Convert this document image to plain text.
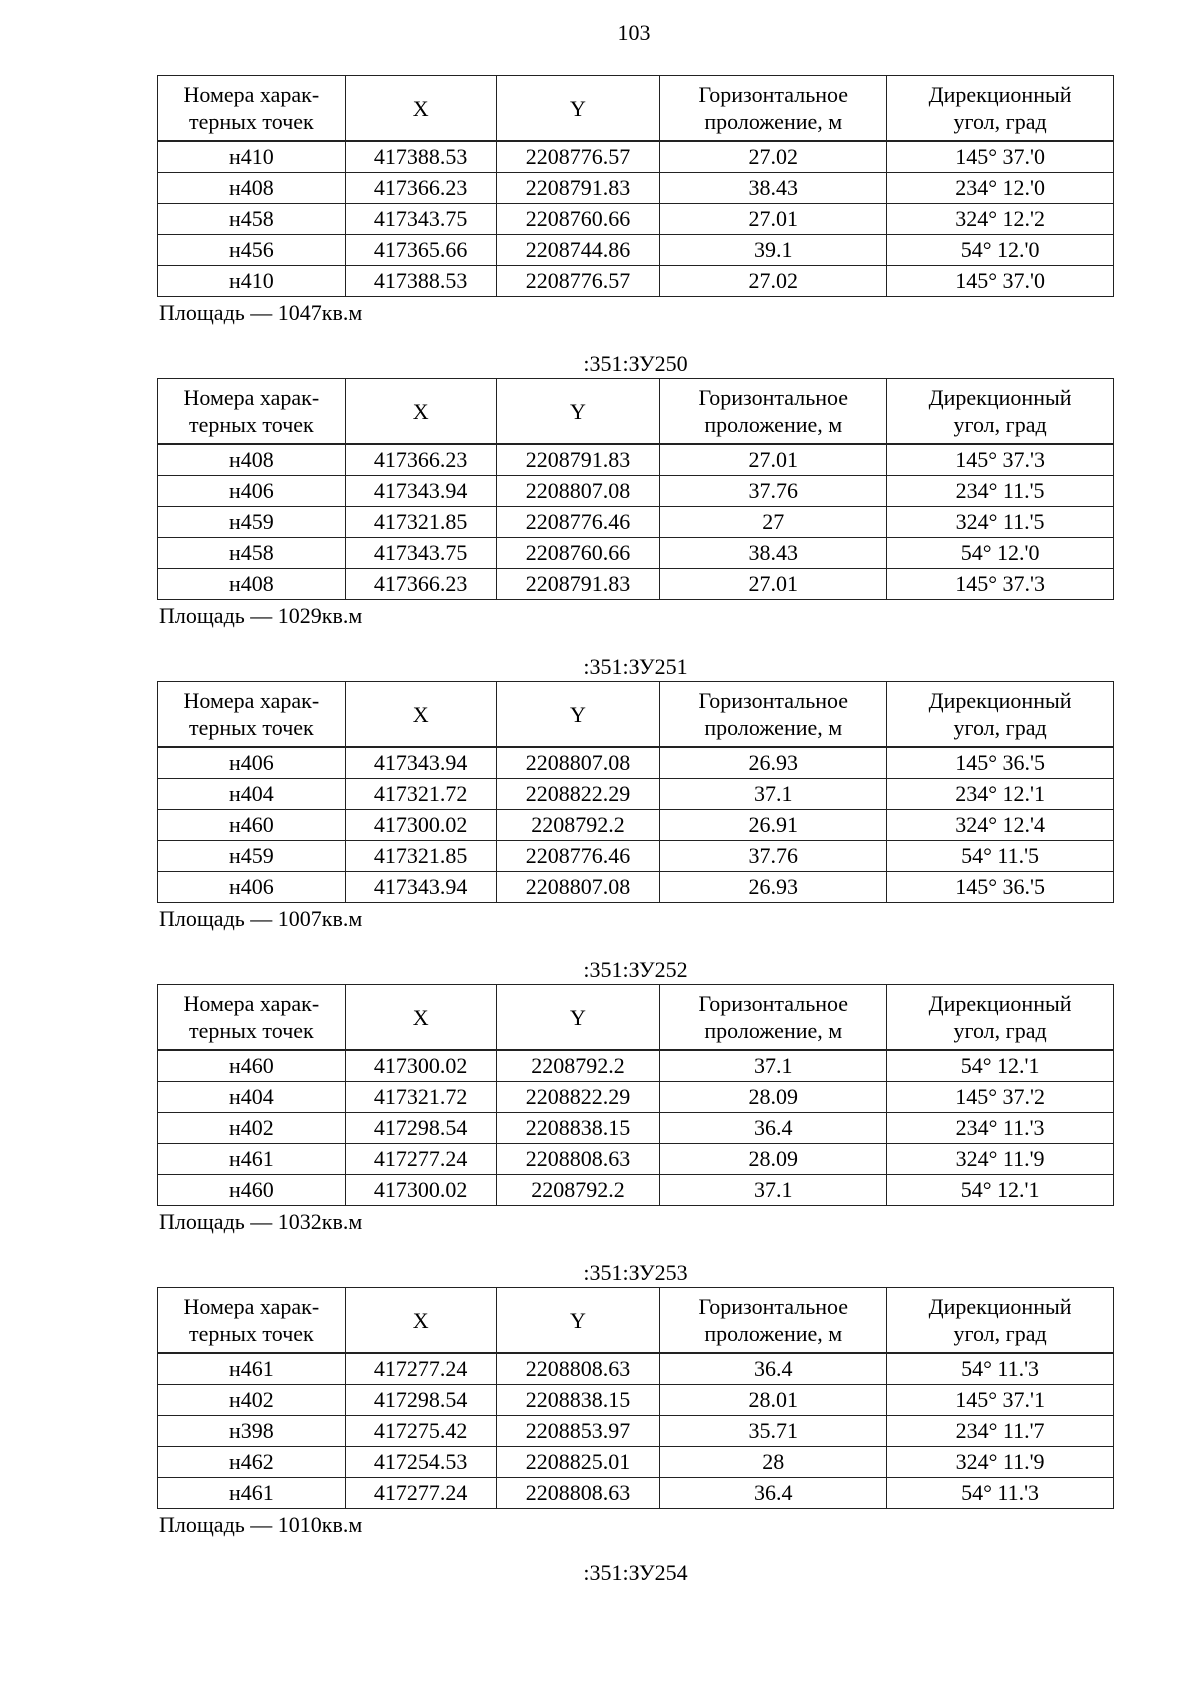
103
Номера харак-терных точек	X	Y	Горизонтальное проложение, м	Дирекционный угол, град
н410	417388.53	2208776.57	27.02	145° 37.'0
н408	417366.23	2208791.83	38.43	234° 12.'0
н458	417343.75	2208760.66	27.01	324° 12.'2
н456	417365.66	2208744.86	39.1	54° 12.'0
н410	417388.53	2208776.57	27.02	145° 37.'0
Площадь — 1047кв.м
:351:ЗУ250
Номера харак-терных точек	X	Y	Горизонтальное проложение, м	Дирекционный угол, град
н408	417366.23	2208791.83	27.01	145° 37.'3
н406	417343.94	2208807.08	37.76	234° 11.'5
н459	417321.85	2208776.46	27	324° 11.'5
н458	417343.75	2208760.66	38.43	54° 12.'0
н408	417366.23	2208791.83	27.01	145° 37.'3
Площадь — 1029кв.м
:351:ЗУ251
Номера харак-терных точек	X	Y	Горизонтальное проложение, м	Дирекционный угол, град
н406	417343.94	2208807.08	26.93	145° 36.'5
н404	417321.72	2208822.29	37.1	234° 12.'1
н460	417300.02	2208792.2	26.91	324° 12.'4
н459	417321.85	2208776.46	37.76	54° 11.'5
н406	417343.94	2208807.08	26.93	145° 36.'5
Площадь — 1007кв.м
:351:ЗУ252
Номера харак-терных точек	X	Y	Горизонтальное проложение, м	Дирекционный угол, град
н460	417300.02	2208792.2	37.1	54° 12.'1
н404	417321.72	2208822.29	28.09	145° 37.'2
н402	417298.54	2208838.15	36.4	234° 11.'3
н461	417277.24	2208808.63	28.09	324° 11.'9
н460	417300.02	2208792.2	37.1	54° 12.'1
Площадь — 1032кв.м
:351:ЗУ253
Номера харак-терных точек	X	Y	Горизонтальное проложение, м	Дирекционный угол, град
н461	417277.24	2208808.63	36.4	54° 11.'3
н402	417298.54	2208838.15	28.01	145° 37.'1
н398	417275.42	2208853.97	35.71	234° 11.'7
н462	417254.53	2208825.01	28	324° 11.'9
н461	417277.24	2208808.63	36.4	54° 11.'3
Площадь — 1010кв.м
:351:ЗУ254
